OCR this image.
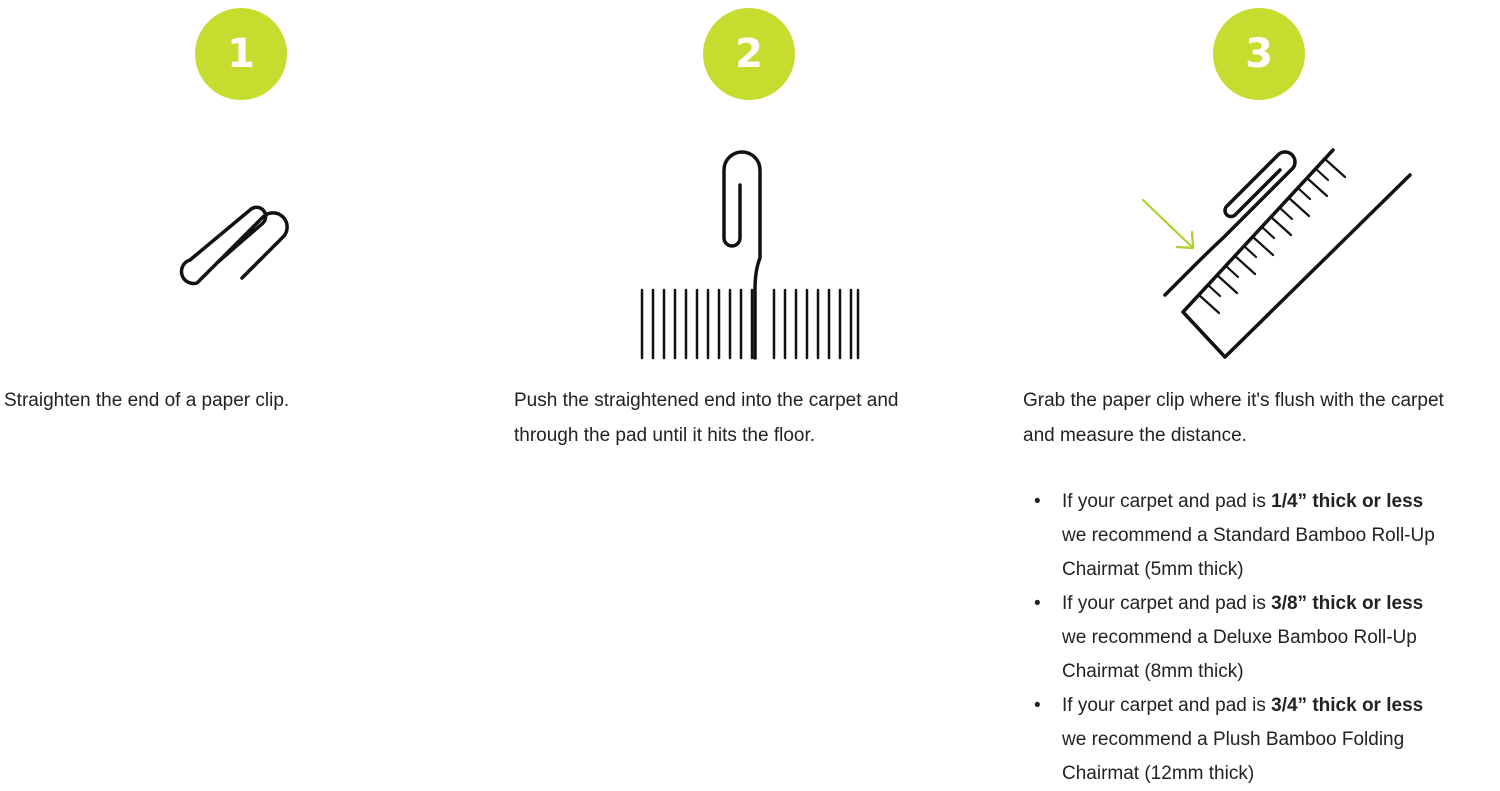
1	2	3
Straighten the end of a paper clip.	Push the straightened end into the carpet and
through the pad until it hits the floor.
Grab the paper clip where it's flush with the carpet
and measure the distance.
• If your carpet and pad is 1/4” thick or less
we recommend a Standard Bamboo Roll-Up
Chairmat (5mm thick)
• If your carpet and pad is 3/8” thick or less
we recommend a Deluxe Bamboo Roll-Up
Chairmat (8mm thick)
• If your carpet and pad is 3/4” thick or less
we recommend a Plush Bamboo Folding
Chairmat (12mm thick)
